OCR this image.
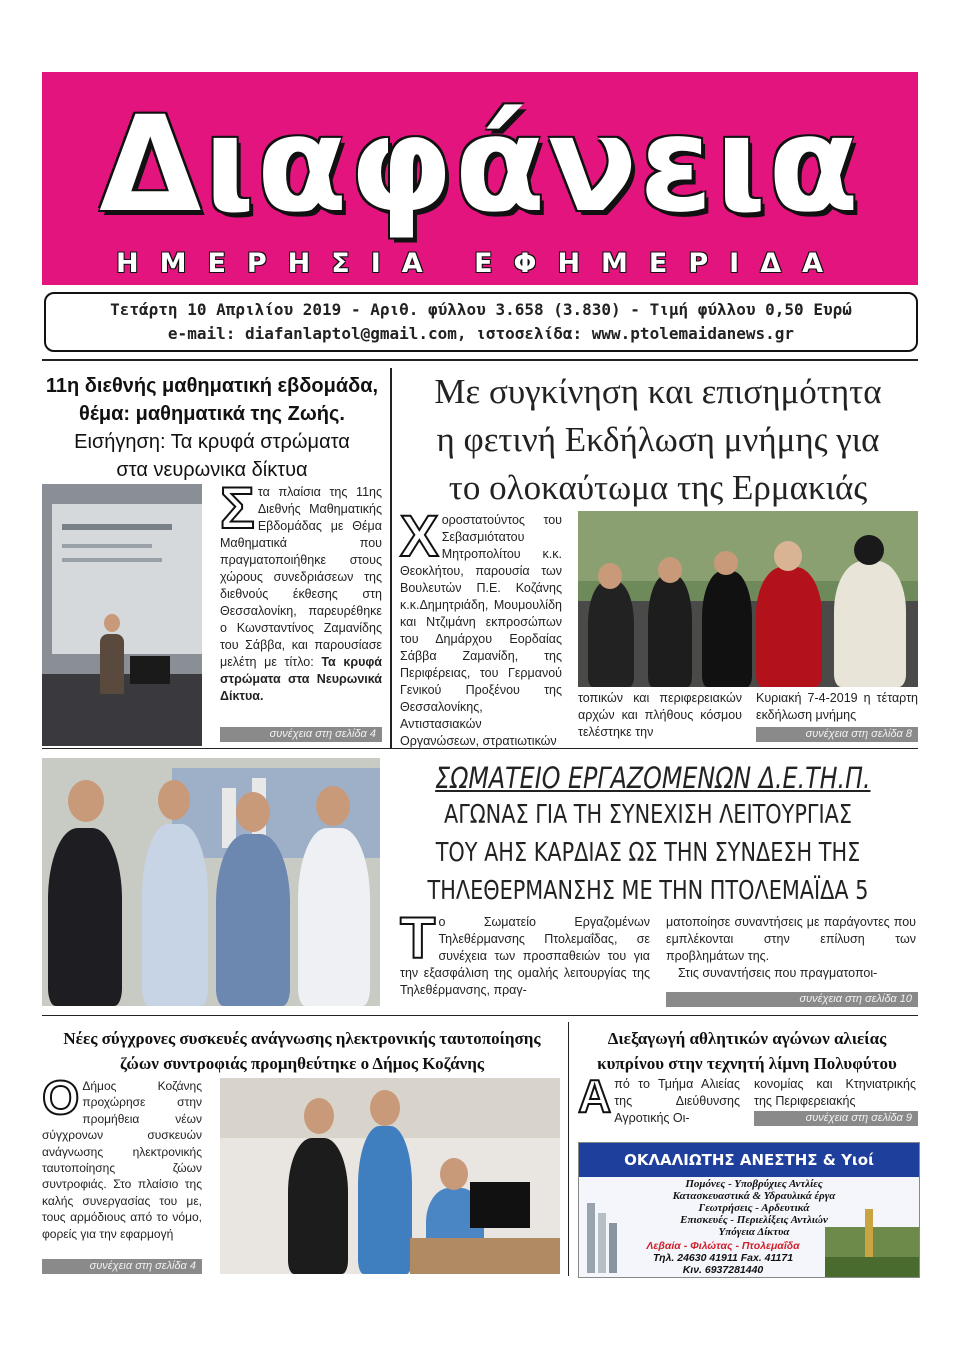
Διαφάνεια
ΗΜΕΡΗΣΙΑ ΕΦΗΜΕΡΙΔΑ
Τετάρτη 10 Απριλίου 2019 - Αριθ. φύλλου 3.658 (3.830) - Τιμή φύλλου 0,50 Ευρώ
e-mail: diafanlaptol@gmail.com, ιστοσελίδα: www.ptolemaidanews.gr
11η διεθνής μαθηματική εβδομάδα,
θέμα: μαθηματικά της Ζωής.
Εισήγηση: Τα κρυφά στρώματα
στα νευρωνικα δίκτυα
Σ τα πλαίσια της 11ης Διεθνής Μαθηματικής Εβδομάδας με Θέμα Μαθηματικά που πραγματοποιήθηκε στους χώρους συνεδριάσεων της διεθνούς έκθεσης στη Θεσσαλονίκη, παρευρέθηκε ο Κωνσταντίνος Ζαμανίδης του Σάββα, και παρουσίασε μελέτη με τίτλο: Τα κρυφά στρώματα στα Νευρωνικά Δίκτυα.
συνέχεια στη σελίδα 4
Με συγκίνηση και επισημότητα
η φετινή Εκδήλωση μνήμης για
το ολοκαύτωμα της Ερμακιάς
Χ οροστατούντος του Σεβασμιότατου Μητροπολίτου κ.κ. Θεοκλήτου, παρουσία των Βουλευτών Π.Ε. Κοζάνης κ.κ.Δημητριάδη, Μουμουλίδη και Ντζιμάνη εκπροσώπων του Δημάρχου Εορδαίας Σάββα Ζαμανίδη, της Περιφέρειας, του Γερμανού Γενικού Προξένου της Θεσσαλονίκης, Αντιστασιακών Οργανώσεων, στρατιωτικών
τοπικών και περιφερειακών αρχών και πλήθους κόσμου τελέστηκε την
Κυριακή 7-4-2019 η τέταρτη εκδήλωση μνήμης
συνέχεια στη σελίδα 8
ΣΩΜΑΤΕΙΟ ΕΡΓΑΖΟΜΕΝΩΝ Δ.Ε.ΤΗ.Π.
ΑΓΩΝΑΣ ΓΙΑ ΤΗ ΣΥΝΕΧΙΣΗ ΛΕΙΤΟΥΡΓΙΑΣ
ΤΟΥ ΑΗΣ ΚΑΡΔΙΑΣ ΩΣ ΤΗΝ ΣΥΝΔΕΣΗ ΤΗΣ
ΤΗΛΕΘΕΡΜΑΝΣΗΣ ΜΕ ΤΗΝ ΠΤΟΛΕΜΑΪΔΑ 5
Τ ο Σωματείο Εργαζομένων Τηλεθέρμανσης Πτολεμαΐδας, σε συνέχεια των προσπαθειών του για την εξασφάλιση της ομαλής λειτουργίας της Τηλεθέρμανσης, πραγ-
ματοποίησε συναντήσεις με παράγοντες που εμπλέκονται στην επίλυση των προβλημάτων της.
Στις συναντήσεις που πραγματοποι-
συνέχεια στη σελίδα 10
Νέες σύγχρονες συσκευές ανάγνωσης ηλεκτρονικής ταυτοποίησης
ζώων συντροφιάς προμηθεύτηκε ο Δήμος Κοζάνης
Ο Δήμος Κοζάνης προχώρησε στην προμήθεια νέων σύγχρονων συσκευών ανάγνωσης ηλεκτρονικής ταυτοποίησης ζώων συντροφιάς. Στο πλαίσιο της καλής συνεργασίας του με, τους αρμόδιους από το νόμο, φορείς για την εφαρμογή
συνέχεια στη σελίδα 4
Διεξαγωγή αθλητικών αγώνων αλιείας
κυπρίνου στην τεχνητή λίμνη Πολυφύτου
Α πό το Τμήμα Αλιείας της Διεύθυνσης Αγροτικής Οι-
κονομίας και Κτηνιατρικής της Περιφερειακής
συνέχεια στη σελίδα 9
ΟΚΛΑΛΙΩΤΗΣ ΑΝΕΣΤΗΣ & Υιοί
Πομόνες - Υποβρύχιες Αντλίες
Κατασκευαστικά & Υδραυλικά έργα
Γεωτρήσεις - Αρδευτικά
Επισκευές - Περιελίξεις Αντλιών
Υπόγεια Δίκτυα
Λεβαία - Φιλώτας - Πτολεμαΐδα
Τηλ. 24630 41911 Fax. 41171
Κιν. 6937281440
